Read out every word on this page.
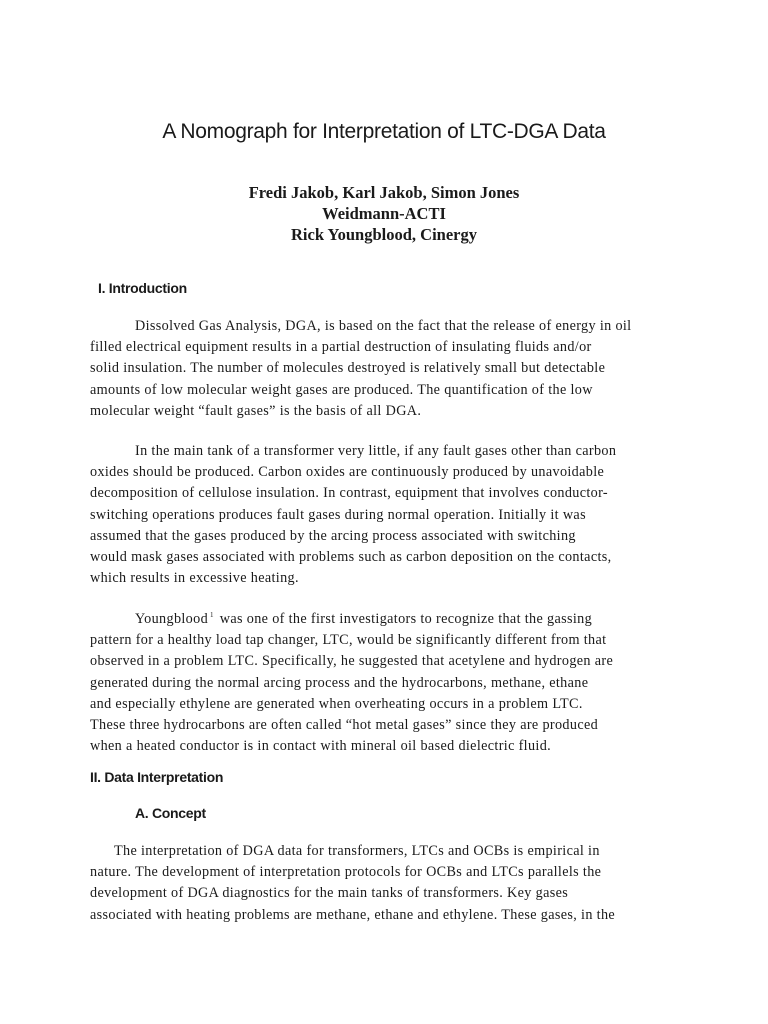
A Nomograph for Interpretation of LTC-DGA Data
Fredi Jakob, Karl Jakob, Simon Jones
Weidmann-ACTI
Rick Youngblood, Cinergy
I. Introduction
Dissolved Gas Analysis, DGA, is based on the fact that the release of energy in oil
filled electrical equipment results in a partial destruction of insulating fluids and/or
solid insulation. The number of molecules destroyed is relatively small but detectable
amounts of low molecular weight gases are produced. The quantification of the low
molecular weight “fault gases” is the basis of all DGA.
In the main tank of a transformer very little, if any fault gases other than carbon
oxides should be produced. Carbon oxides are continuously produced by unavoidable
decomposition of cellulose insulation. In contrast, equipment that involves conductor-
switching operations produces fault gases during normal operation. Initially it was
assumed that the gases produced by the arcing process associated with switching
would mask gases associated with problems such as carbon deposition on the contacts,
which results in excessive heating.
Youngblood $^1$ was one of the first investigators to recognize that the gassing
pattern for a healthy load tap changer, LTC, would be significantly different from that
observed in a problem LTC. Specifically, he suggested that acetylene and hydrogen are
generated during the normal arcing process and the hydrocarbons, methane, ethane
and especially ethylene are generated when overheating occurs in a problem LTC.
These three hydrocarbons are often called “hot metal gases” since they are produced
when a heated conductor is in contact with mineral oil based dielectric fluid.
II. Data Interpretation
A. Concept
The interpretation of DGA data for transformers, LTCs and OCBs is empirical in
nature. The development of interpretation protocols for OCBs and LTCs parallels the
development of DGA diagnostics for the main tanks of transformers. Key gases
associated with heating problems are methane, ethane and ethylene. These gases, in the
